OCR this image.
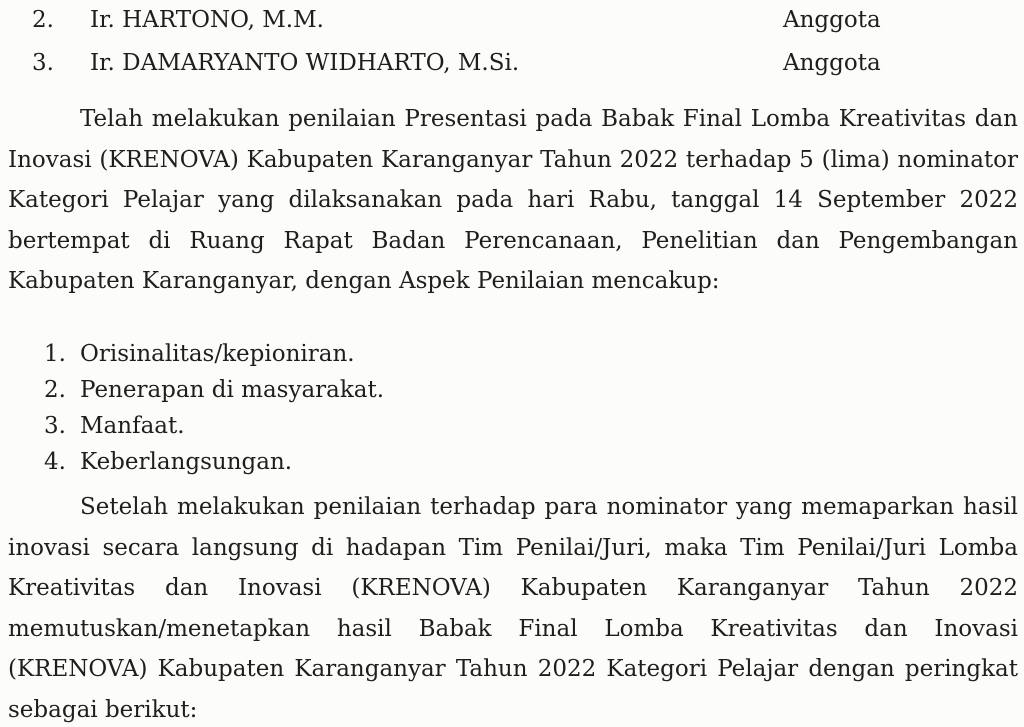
2. Ir. HARTONO, M.M.	Anggota
3. Ir. DAMARYANTO WIDHARTO, M.Si.	Anggota

Telah melakukan penilaian Presentasi pada Babak Final Lomba Kreativitas dan Inovasi (KRENOVA) Kabupaten Karanganyar Tahun 2022 terhadap 5 (lima) nominator Kategori Pelajar yang dilaksanakan pada hari Rabu, tanggal 14 September 2022 bertempat di Ruang Rapat Badan Perencanaan, Penelitian dan Pengembangan Kabupaten Karanganyar, dengan Aspek Penilaian mencakup:

1. Orisinalitas/kepioniran.
2. Penerapan di masyarakat.
3. Manfaat.
4. Keberlangsungan.

Setelah melakukan penilaian terhadap para nominator yang memaparkan hasil inovasi secara langsung di hadapan Tim Penilai/Juri, maka Tim Penilai/Juri Lomba Kreativitas dan Inovasi (KRENOVA) Kabupaten Karanganyar Tahun 2022 memutuskan/menetapkan hasil Babak Final Lomba Kreativitas dan Inovasi (KRENOVA) Kabupaten Karanganyar Tahun 2022 Kategori Pelajar dengan peringkat sebagai berikut:
